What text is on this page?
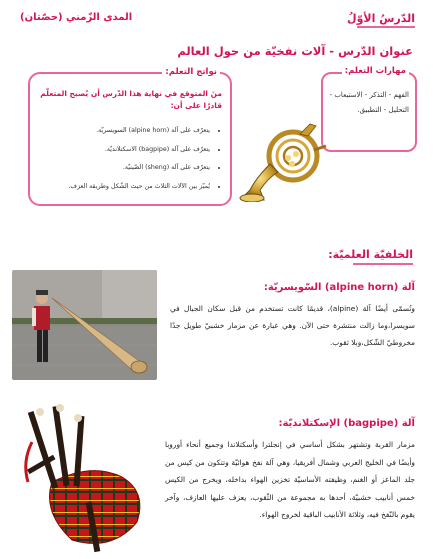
الدّرسُ الأوّلُ
المدى الزّمني (حصّتان)
عنوان الدّرس - آلات نفخيّة من حول العالم
مهارات التعلم:
الفهم - التذكر - الاستيعاب - التحليل - التطبيق.
نواتج التعلم:
منَ المتوقع في نهاية هذا الدّرس أن يُصبح المتعلّم قادرًا على أن:
• يتعرّف على آلة (alpine horn) السويسريّة.
• يتعرّف على آلة (bagpipe) الاسكتلانديّة.
• يتعرّف على آلة (sheng) الصّينيّة.
• يُميّز بين الآلات الثلاث من حيث الشّكل وطريقة العزف.
الخلفيّة العلميّة:
آلة (alpine horn) السّويسريّة:
وتُسمّى أيضًا آلة (alpine)، قديمًا كانت تستخدم من قبل سكان الجبال في سويسرا،وما زالت منتشرة حتى الآن. وهي عبارة عن مزمار خشبيّ طويل جدًا مخروطيّ الشّكل،وبلا ثقوب.
آلة (bagpipe) الإسكتلانديّة:
مزمار القربة وتشتهر بشكل أساسي في إنجلترا وأسكتلاندا وجميع أنحاء أوروبا وأيضًا في الخليج العربي وشمال أفريقيا، وهي آلة نفخ هوائيّة وتتكون من كيس من جلد الماعز أو الغنم، وظيفته الأساسيّة تخزين الهواء بداخله، ويخرج من الكيس خمس أنابيب خشبيّة، أحدها به مجموعة من الثّقوب، يعزف عليها العازف، وآخر يقوم بالنّفخ فيه، وثلاثة الأنابيب الباقية لخروج الهواء.
